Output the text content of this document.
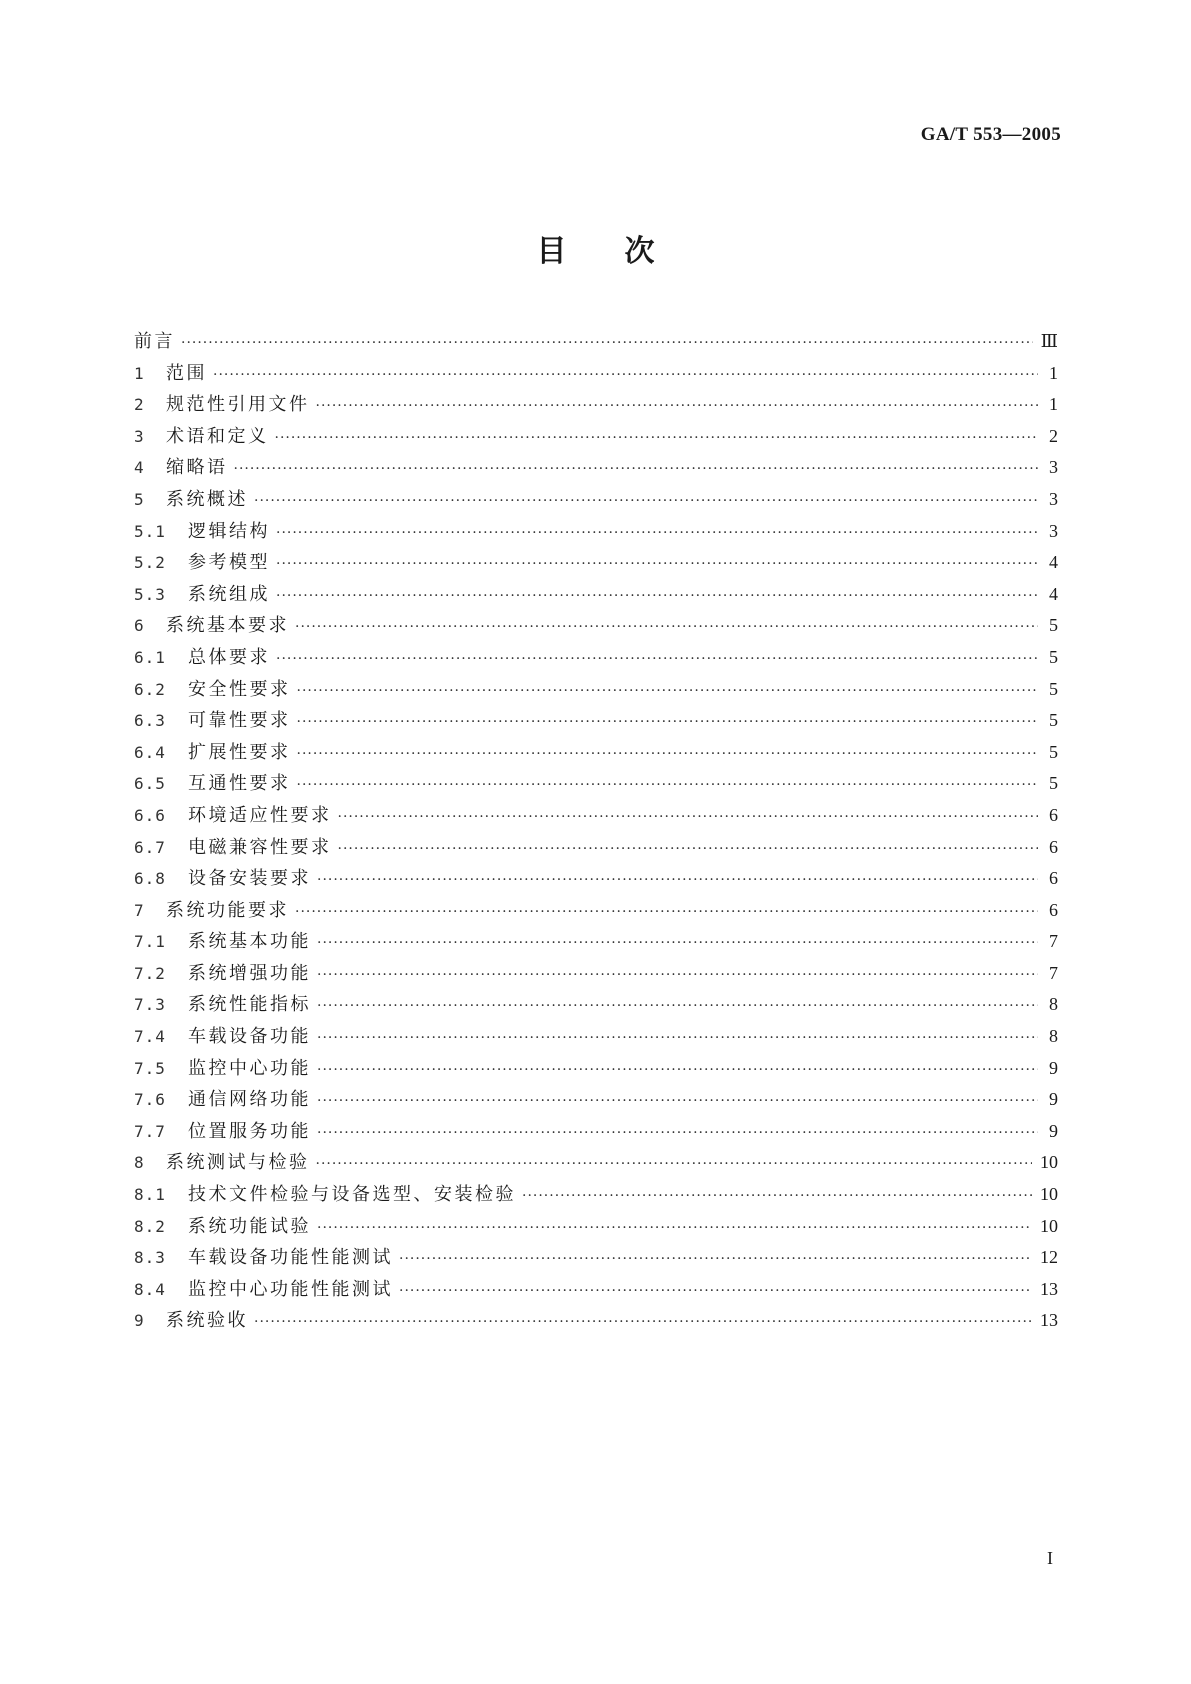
GA/T 553—2005
目次
前言 ·····	Ⅲ
1	范围 ·····	1
2	规范性引用文件 ·····	1
3	术语和定义 ·····	2
4	缩略语 ·····	3
5	系统概述 ·····	3
5.1	逻辑结构 ·····	3
5.2	参考模型 ·····	4
5.3	系统组成 ·····	4
6	系统基本要求 ·····	5
6.1	总体要求 ·····	5
6.2	安全性要求 ·····	5
6.3	可靠性要求 ·····	5
6.4	扩展性要求 ·····	5
6.5	互通性要求 ·····	5
6.6	环境适应性要求 ·····	6
6.7	电磁兼容性要求 ·····	6
6.8	设备安装要求 ·····	6
7	系统功能要求 ·····	6
7.1	系统基本功能 ·····	7
7.2	系统增强功能 ·····	7
7.3	系统性能指标 ·····	8
7.4	车载设备功能 ·····	8
7.5	监控中心功能 ·····	9
7.6	通信网络功能 ·····	9
7.7	位置服务功能 ·····	9
8	系统测试与检验 ·····	10
8.1	技术文件检验与设备选型、安装检验 ·····	10
8.2	系统功能试验 ·····	10
8.3	车载设备功能性能测试 ·····	12
8.4	监控中心功能性能测试 ·····	13
9	系统验收 ·····	13
I
